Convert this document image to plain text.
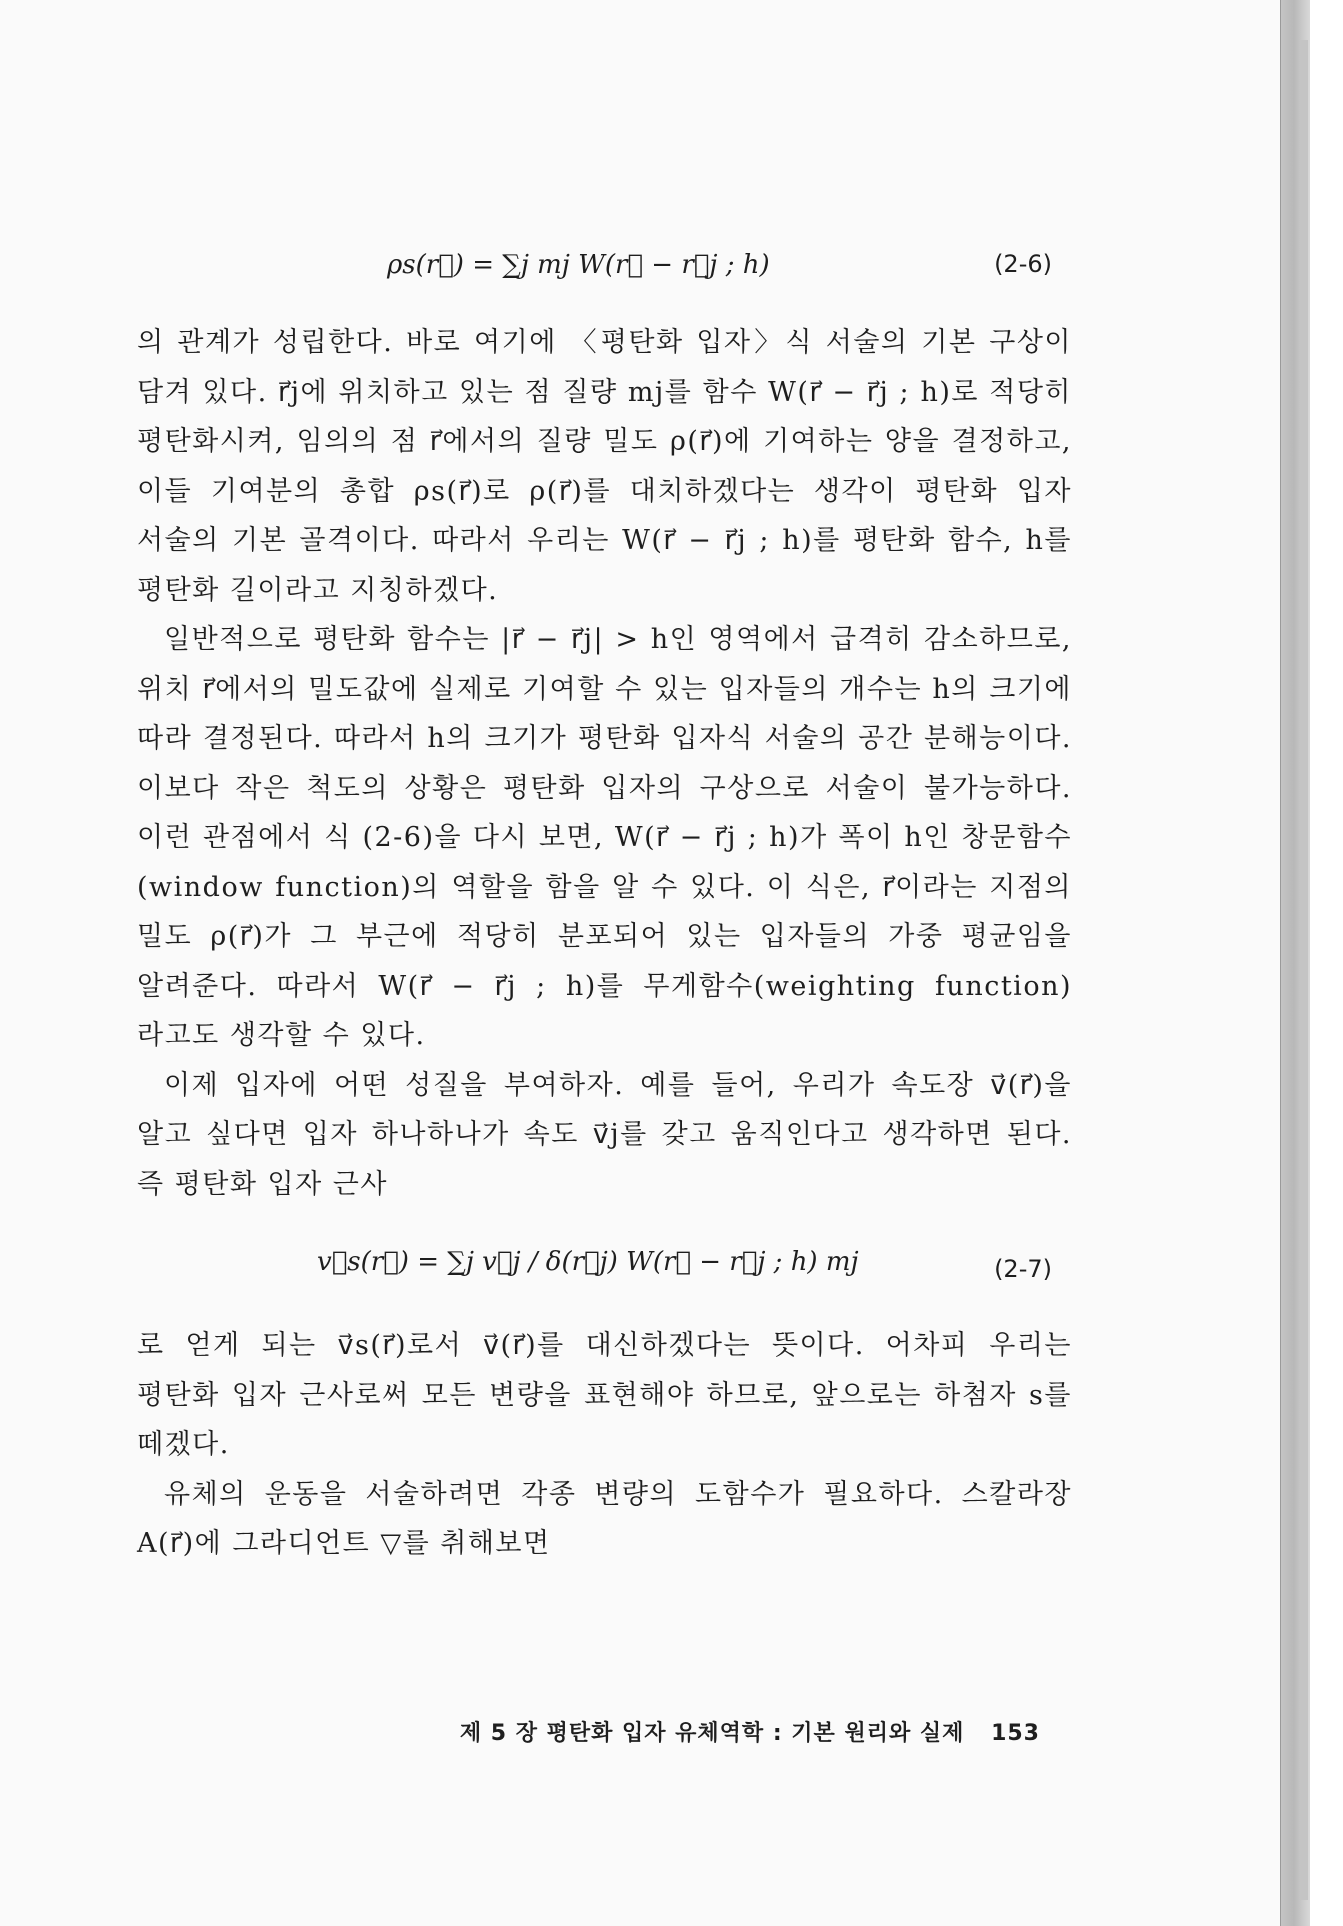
ρs(r⃗) = ∑j mj W(r⃗ − r⃗j ; h)	(2-6)

의 관계가 성립한다. 바로 여기에 〈평탄화 입자〉식 서술의 기본 구상이 담겨 있다. r⃗j에 위치하고 있는 점 질량 mj를 함수 W(r⃗ − r⃗j ; h)로 적당히 평탄화시켜, 임의의 점 r⃗에서의 질량 밀도 ρ(r⃗)에 기여하는 양을 결정하고, 이들 기여분의 총합 ρs(r⃗)로 ρ(r⃗)를 대치하겠다는 생각이 평탄화 입자 서술의 기본 골격이다. 따라서 우리는 W(r⃗ − r⃗j ; h)를 평탄화 함수, h를 평탄화 길이라고 지칭하겠다.

일반적으로 평탄화 함수는 |r⃗ − r⃗j| > h인 영역에서 급격히 감소하므로, 위치 r⃗에서의 밀도값에 실제로 기여할 수 있는 입자들의 개수는 h의 크기에 따라 결정된다. 따라서 h의 크기가 평탄화 입자식 서술의 공간 분해능이다. 이보다 작은 척도의 상황은 평탄화 입자의 구상으로 서술이 불가능하다. 이런 관점에서 식 (2-6)을 다시 보면, W(r⃗ − r⃗j ; h)가 폭이 h인 창문함수(window function)의 역할을 함을 알 수 있다. 이 식은, r⃗이라는 지점의 밀도 ρ(r⃗)가 그 부근에 적당히 분포되어 있는 입자들의 가중 평균임을 알려준다. 따라서 W(r⃗ − r⃗j ; h)를 무게함수(weighting function)라고도 생각할 수 있다.

이제 입자에 어떤 성질을 부여하자. 예를 들어, 우리가 속도장 v⃗(r⃗)을 알고 싶다면 입자 하나하나가 속도 v⃗j를 갖고 움직인다고 생각하면 된다. 즉 평탄화 입자 근사

v⃗s(r⃗) = ∑j v⃗j / δ(r⃗j) W(r⃗ − r⃗j ; h) mj	(2-7)

로 얻게 되는 v⃗s(r⃗)로서 v⃗(r⃗)를 대신하겠다는 뜻이다. 어차피 우리는 평탄화 입자 근사로써 모든 변량을 표현해야 하므로, 앞으로는 하첨자 s를 떼겠다.

유체의 운동을 서술하려면 각종 변량의 도함수가 필요하다. 스칼라장 A(r⃗)에 그라디언트 ▽를 취해보면

제 5 장 평탄화 입자 유체역학 : 기본 원리와 실제 153
